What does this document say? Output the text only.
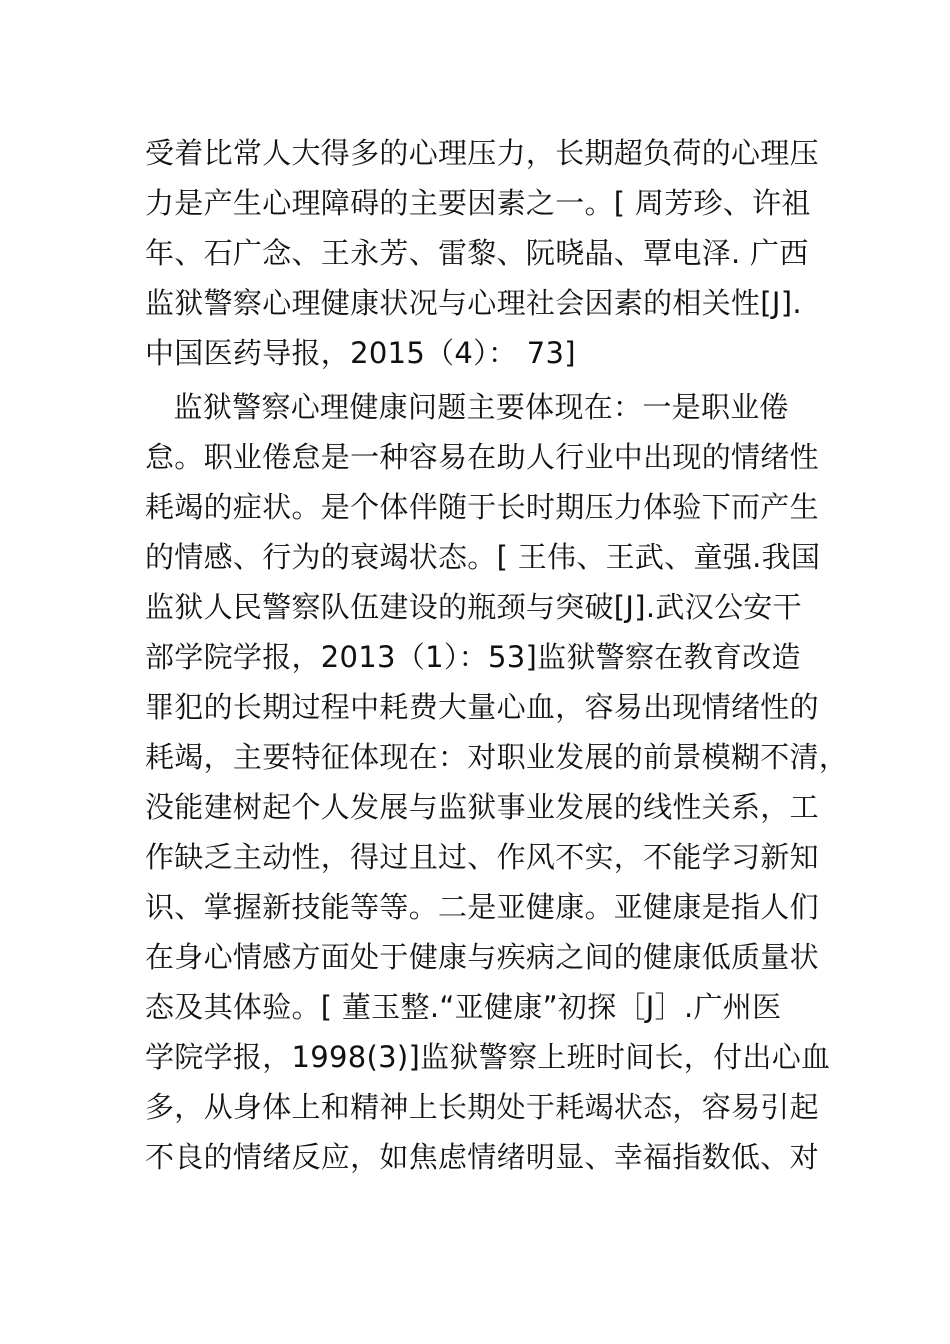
受着比常人大得多的心理压力，长期超负荷的心理压
力是产生心理障碍的主要因素之一。[ 周芳珍、许祖
年、石广念、王永芳、雷黎、阮晓晶、覃电泽. 广西
监狱警察心理健康状况与心理社会因素的相关性[J].
中国医药导报，2015（4）： 73]
监狱警察心理健康问题主要体现在：一是职业倦
怠。职业倦怠是一种容易在助人行业中出现的情绪性
耗竭的症状。是个体伴随于长时期压力体验下而产生
的情感、行为的衰竭状态。[ 王伟、王武、童强.我国
监狱人民警察队伍建设的瓶颈与突破[J].武汉公安干
部学院学报，2013（1）：53]监狱警察在教育改造
罪犯的长期过程中耗费大量心血，容易出现情绪性的
耗竭，主要特征体现在：对职业发展的前景模糊不清，
没能建树起个人发展与监狱事业发展的线性关系，工
作缺乏主动性，得过且过、作风不实，不能学习新知
识、掌握新技能等等。二是亚健康。亚健康是指人们
在身心情感方面处于健康与疾病之间的健康低质量状
态及其体验。[ 董玉整.“亚健康”初探［J］.广州医
学院学报，1998(3)]监狱警察上班时间长，付出心血
多，从身体上和精神上长期处于耗竭状态，容易引起
不良的情绪反应，如焦虑情绪明显、幸福指数低、对
